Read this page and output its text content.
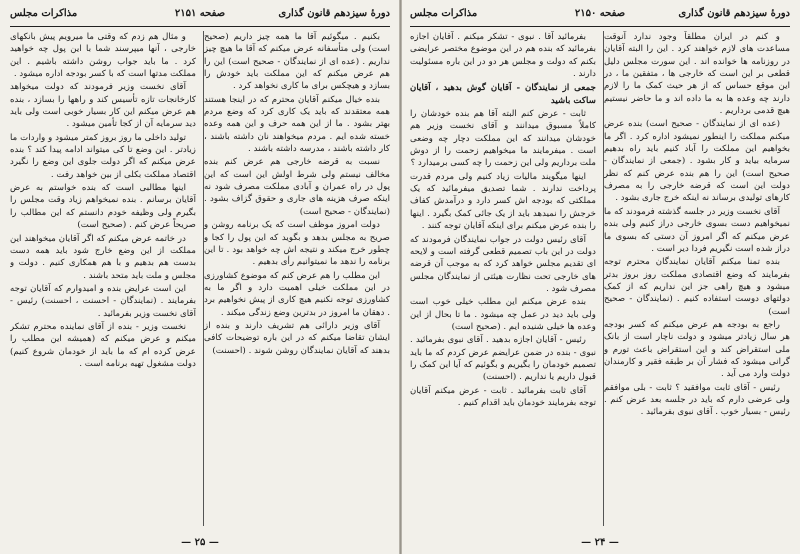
دورهٔ سیزدهم قانون گذاری
صفحه ۲۱۵۱
مذاکرات مجلس

بکنیم . میگوئیم آقا ما همه چیز داریم (صحیح است) ولی متأسفانه عرض میکنم که آقا ما هیچ چیز نداریم . (عده ای از نمایندگان - صحیح است) این را هم عرض میکنم که این مملکت باید خودش را بسازد و هیچکس برای ما کاری نخواهد کرد .

بنده خیال میکنم آقایان محترم که در اینجا هستند همه معتقدند که باید یک کاری کرد که وضع مردم بهتر بشود . ما از این همه حرف و این همه وعده خسته شده ایم . مردم میخواهند نان داشته باشند ، کار داشته باشند ، مدرسه داشته باشند .

نسبت به قرضه خارجی هم عرض کنم بنده مخالف نیستم ولی شرط اولش این است که این پول در راه عمران و آبادی مملکت مصرف شود نه اینکه صرف هزینه های جاری و حقوق گزاف بشود . (نمایندگان - صحیح است)

دولت امروز موظف است که یک برنامه روشن و صریح به مجلس بدهد و بگوید که این پول را کجا و چطور خرج میکند و نتیجه اش چه خواهد بود . تا این برنامه را ندهد ما نمیتوانیم رأی بدهیم .

این مطلب را هم عرض کنم که موضوع کشاورزی در این مملکت خیلی اهمیت دارد و اگر ما به کشاورزی توجه نکنیم هیچ کاری از پیش نخواهیم برد . دهقان ما امروز در بدترین وضع زندگی میکند .

آقای وزیر دارائی هم تشریف دارند و بنده از ایشان تقاضا میکنم که در این باره توضیحات کافی بدهند که آقایان نمایندگان روشن شوند . (احسنت)

و مثال هم زدم که وقتی ما میرویم پیش بانکهای خارجی ، آنها میپرسند شما با این پول چه خواهید کرد . ما باید جواب روشن داشته باشیم . این مملکت مدتها است که با کسر بودجه اداره میشود .

آقای نخست وزیر فرمودند که دولت میخواهد کارخانجات تازه تأسیس کند و راهها را بسازد ، بنده هم عرض میکنم این کار بسیار خوبی است ولی باید دید سرمایه آن از کجا تأمین میشود .

تولید داخلی ما روز بروز کمتر میشود و واردات ما زیادتر . این وضع تا کی میتواند ادامه پیدا کند ؟ بنده عرض میکنم که اگر دولت جلوی این وضع را نگیرد اقتصاد مملکت بکلی از بین خواهد رفت .

اینها مطالبی است که بنده خواستم به عرض آقایان برسانم . بنده نمیخواهم زیاد وقت مجلس را بگیرم ولی وظیفه خودم دانستم که این مطالب را صریحاً عرض کنم . (صحیح است)

در خاتمه عرض میکنم که اگر آقایان میخواهند این مملکت از این وضع خارج شود باید همه دست بدست هم بدهیم و با هم همکاری کنیم . دولت و مجلس و ملت باید متحد باشند .

این است عرایض بنده و امیدوارم که آقایان توجه بفرمایند . (نمایندگان - احسنت ، احسنت) رئیس - آقای نخست وزیر بفرمائید .

نخست وزیر - بنده از آقای نماینده محترم تشکر میکنم و عرض میکنم که (همیشه این مطلب را عرض کرده ام که ما باید از خودمان شروع کنیم) دولت مشغول تهیه برنامه است .

— ۲۵ —
دورهٔ سیزدهم قانون گذاری
صفحه ۲۱۵۰
مذاکرات مجلس

و کنم در ایران مطلقاً وجود ندارد آنوقت مساعدت های لازم خواهند کرد . این را البته آقایان در روزنامه ها خوانده اند . این سورت مجلس دلیل قطعی بر این است که خارجی ها ، متفقین ما ، در این موقع حساس که از هر حیث کمک ما را لازم دارند چه وعده ها به ما داده اند و ما حاضر نیستیم هیچ قدمی برداریم .

(عده ای از نمایندگان - صحیح است) بنده عرض میکنم مملکت را اینطور نمیشود اداره کرد . اگر ما بخواهیم این مملکت را آباد کنیم باید راه بدهیم سرمایه بیاید و کار بشود . (جمعی از نمایندگان - صحیح است) این را هم بنده عرض کنم که نظر دولت این است که قرضه خارجی را به مصرف کارهای تولیدی برساند نه اینکه خرج جاری بشود .

آقای نخست وزیر در جلسه گذشته فرمودند که ما نمیخواهیم دست بسوی خارجی دراز کنیم ولی بنده عرض میکنم که اگر امروز آن دستی که بسوی ما دراز شده است نگیریم فردا دیر است .

بنده تمنا میکنم آقایان نمایندگان محترم توجه بفرمایند که وضع اقتصادی مملکت روز بروز بدتر میشود و هیچ راهی جز این نداریم که از کمک دولتهای دوست استفاده کنیم . (نمایندگان - صحیح است)

راجع به بودجه هم عرض میکنم که کسر بودجه هر سال زیادتر میشود و دولت ناچار است از بانک ملی استقراض کند و این استقراض باعث تورم و گرانی میشود که فشار آن بر طبقه فقیر و کارمندان دولت وارد می آید .

رئیس - آقای ثابت موافقید ؟ ثابت - بلی موافقم ولی عرضی دارم که باید در جلسه بعد عرض کنم . رئیس - بسیار خوب . آقای نبوی بفرمائید .

بفرمائید آقا . نبوی - تشکر میکنم . آقایان اجازه بفرمائید که بنده هم در این موضوع مختصر عرایضی بکنم که دولت و مجلس هر دو در این باره مسئولیت دارند .

جمعی از نمایندگان - آقایان گوش بدهید ، آقایان ساکت باشید

ثابت - عرض کنم البته آقا هم بنده خودشان را کاملاً مسبوق میدانند و آقای نخست وزیر هم خودشان میدانند که این مملکت دچار چه وضعی است . میفرمایند ما میخواهیم زحمت را از دوش ملت برداریم ولی این زحمت را چه کسی برمیدارد ؟

اینها میگویند مالیات زیاد کنیم ولی مردم قدرت پرداخت ندارند . شما تصدیق میفرمائید که یک مملکتی که بودجه اش کسر دارد و درآمدش کفاف خرجش را نمیدهد باید از یک جائی کمک بگیرد . اینها را بنده عرض میکنم برای اینکه آقایان توجه کنند .

آقای رئیس دولت در جواب نمایندگان فرمودند که دولت در این باب تصمیم قطعی گرفته است و لایحه ای تقدیم مجلس خواهد کرد که به موجب آن قرضه های خارجی تحت نظارت هیئتی از نمایندگان مجلس مصرف شود .

بنده عرض میکنم این مطلب خیلی خوب است ولی باید دید در عمل چه میشود . ما تا بحال از این وعده ها خیلی شنیده ایم . (صحیح است)

رئیس - آقایان اجازه بدهید . آقای نبوی بفرمائید . نبوی - بنده در ضمن عرایضم عرض کردم که ما باید تصمیم خودمان را بگیریم و بگوئیم که آیا این کمک را قبول داریم یا نداریم . (احسنت)

آقای ثابت بفرمائید . ثابت - عرض میکنم آقایان توجه بفرمایند خودمان باید اقدام کنیم .

— ۲۴ —
